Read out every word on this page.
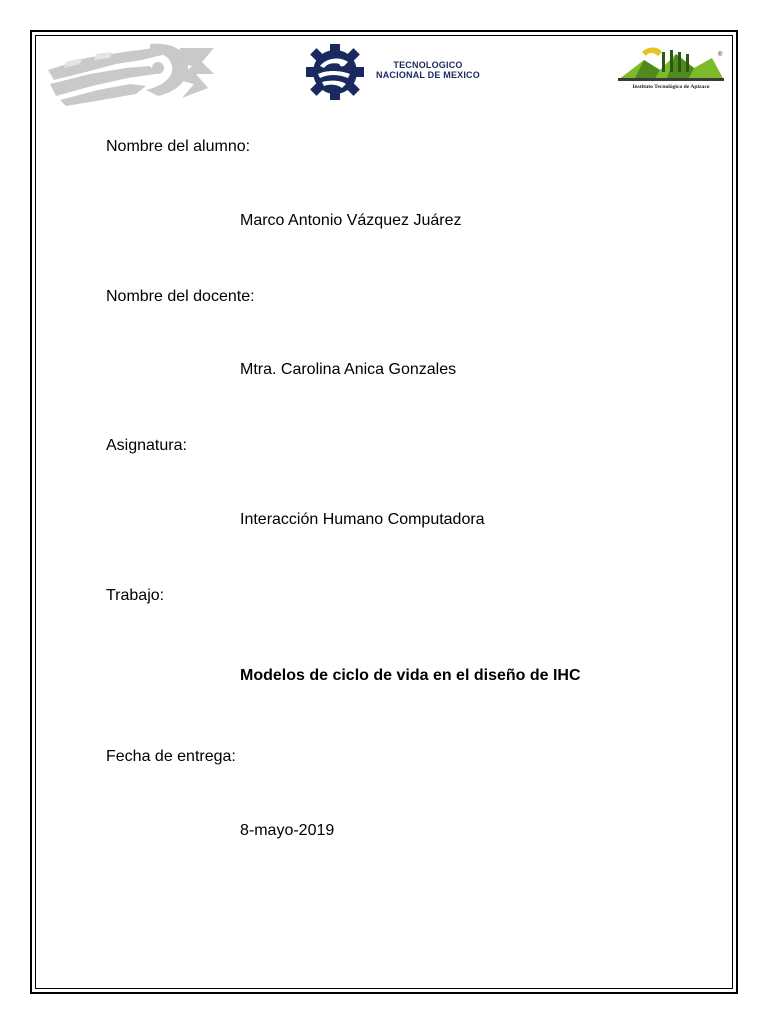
TECNOLOGICO
NACIONAL DE MEXICO
®
Instituto Tecnológico de Apizaco
Nombre del alumno:
Marco Antonio Vázquez Juárez
Nombre del docente:
Mtra. Carolina Anica Gonzales
Asignatura:
Interacción Humano Computadora
Trabajo:
Modelos de ciclo de vida en el diseño de IHC
Fecha de entrega:
8-mayo-2019
